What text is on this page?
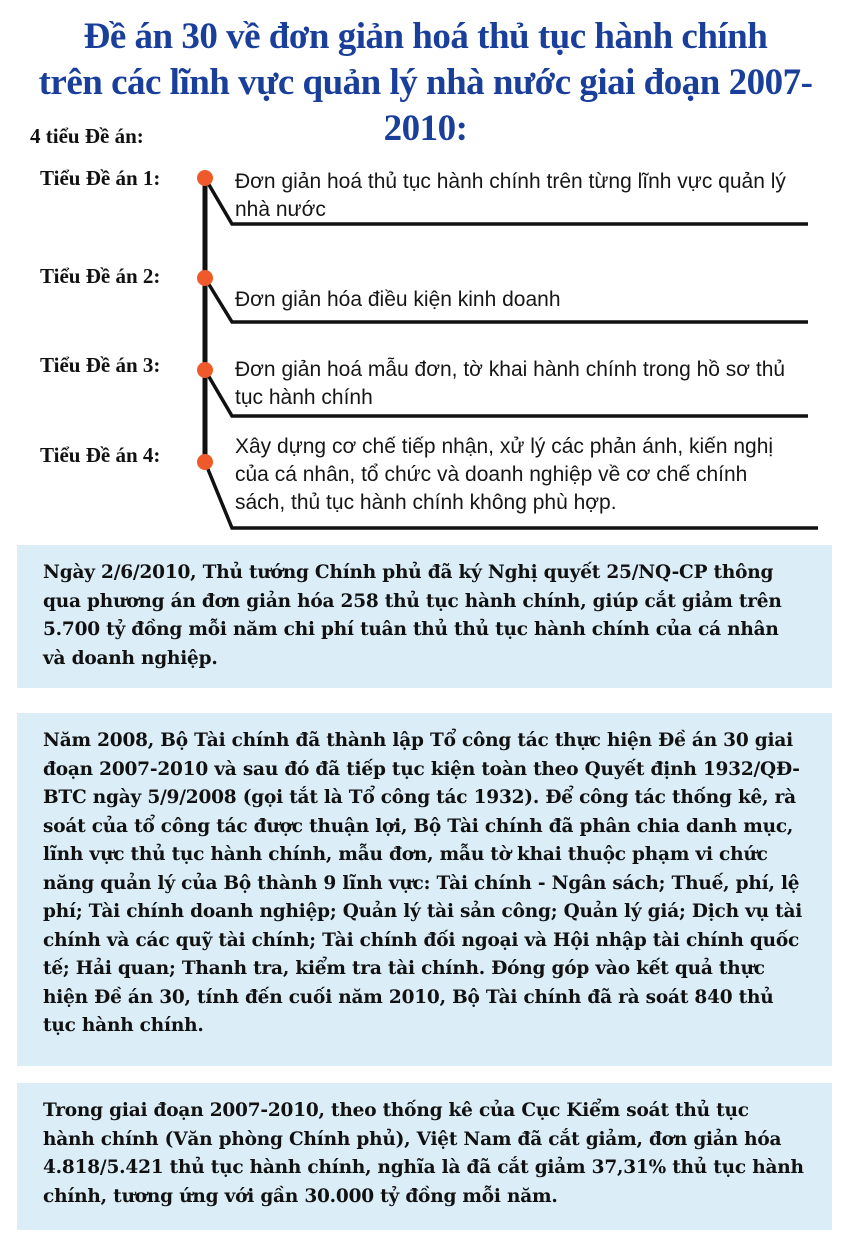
Đề án 30 về đơn giản hoá thủ tục hành chính
trên các lĩnh vực quản lý nhà nước giai đoạn 2007-2010:
4 tiểu Đề án:
Tiểu Đề án 1:	Đơn giản hoá thủ tục hành chính trên từng lĩnh vực quản lý nhà nước
Tiểu Đề án 2:
Đơn giản hóa điều kiện kinh doanh
Tiểu Đề án 3:	Đơn giản hoá mẫu đơn, tờ khai hành chính trong hồ sơ thủ tục hành chính
Tiểu Đề án 4:	Xây dựng cơ chế tiếp nhận, xử lý các phản ánh, kiến nghị của cá nhân, tổ chức và doanh nghiệp về cơ chế chính sách, thủ tục hành chính không phù hợp.

Ngày 2/6/2010, Thủ tướng Chính phủ đã ký Nghị quyết 25/NQ-CP thông qua phương án đơn giản hóa 258 thủ tục hành chính, giúp cắt giảm trên 5.700 tỷ đồng mỗi năm chi phí tuân thủ thủ tục hành chính của cá nhân và doanh nghiệp.

Năm 2008, Bộ Tài chính đã thành lập Tổ công tác thực hiện Đề án 30 giai đoạn 2007-2010 và sau đó đã tiếp tục kiện toàn theo Quyết định 1932/QĐ-BTC ngày 5/9/2008 (gọi tắt là Tổ công tác 1932). Để công tác thống kê, rà soát của tổ công tác được thuận lợi, Bộ Tài chính đã phân chia danh mục, lĩnh vực thủ tục hành chính, mẫu đơn, mẫu tờ khai thuộc phạm vi chức năng quản lý của Bộ thành 9 lĩnh vực: Tài chính - Ngân sách; Thuế, phí, lệ phí; Tài chính doanh nghiệp; Quản lý tài sản công; Quản lý giá; Dịch vụ tài chính và các quỹ tài chính; Tài chính đối ngoại và Hội nhập tài chính quốc tế; Hải quan; Thanh tra, kiểm tra tài chính. Đóng góp vào kết quả thực hiện Đề án 30, tính đến cuối năm 2010, Bộ Tài chính đã rà soát 840 thủ tục hành chính.

Trong giai đoạn 2007-2010, theo thống kê của Cục Kiểm soát thủ tục hành chính (Văn phòng Chính phủ), Việt Nam đã cắt giảm, đơn giản hóa 4.818/5.421 thủ tục hành chính, nghĩa là đã cắt giảm 37,31% thủ tục hành chính, tương ứng với gần 30.000 tỷ đồng mỗi năm.
